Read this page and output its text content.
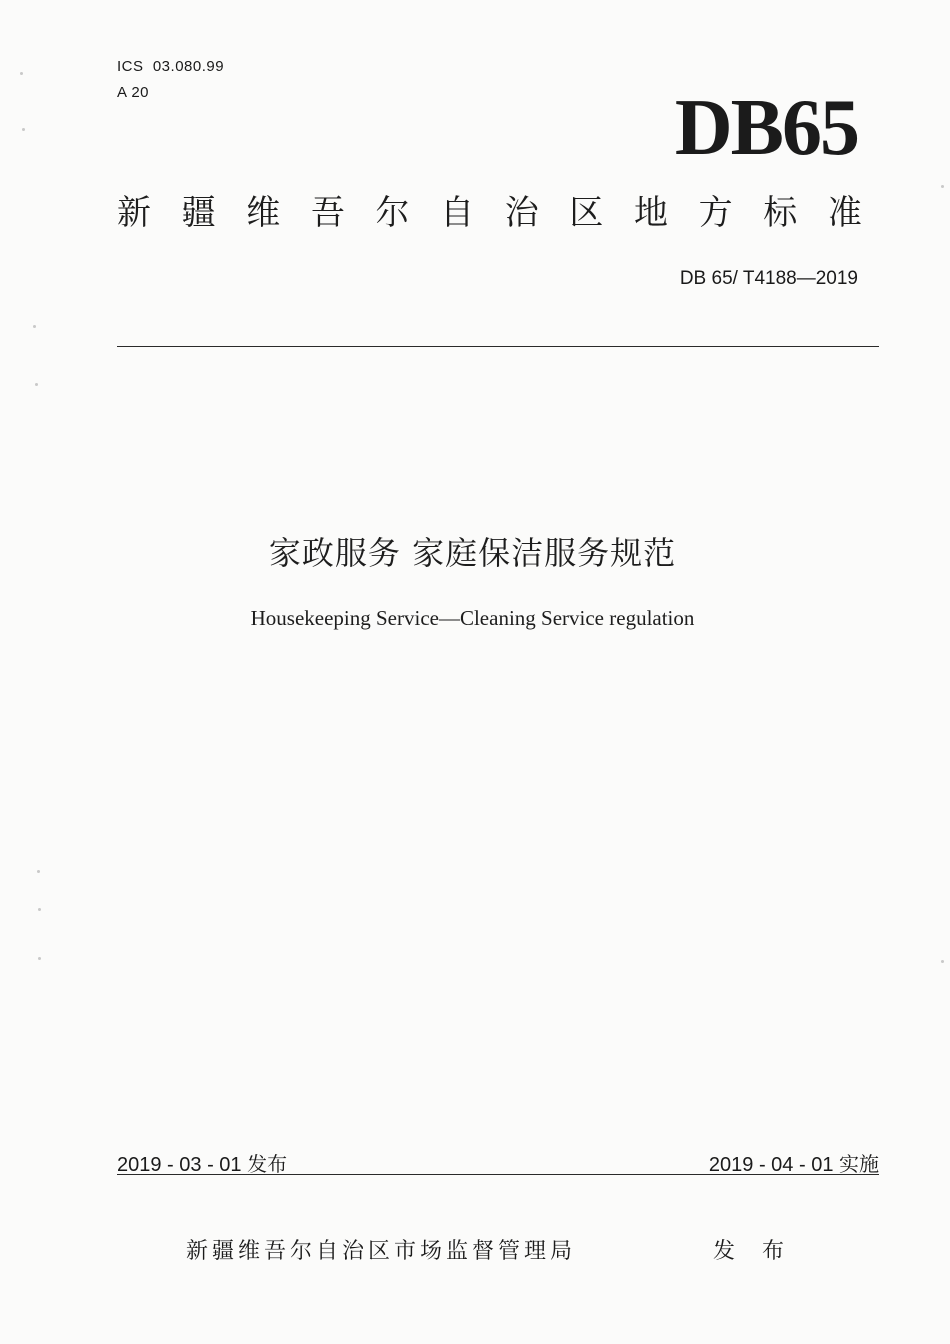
ICS  03.080.99
A 20	DB65
新 疆 维 吾 尔 自 治 区 地 方 标 准
DB 65/ T4188—2019
家政服务 家庭保洁服务规范
Housekeeping Service—Cleaning Service regulation
2019 - 03 - 01 发布	2019 - 04 - 01 实施
新疆维吾尔自治区市场监督管理局	发 布
